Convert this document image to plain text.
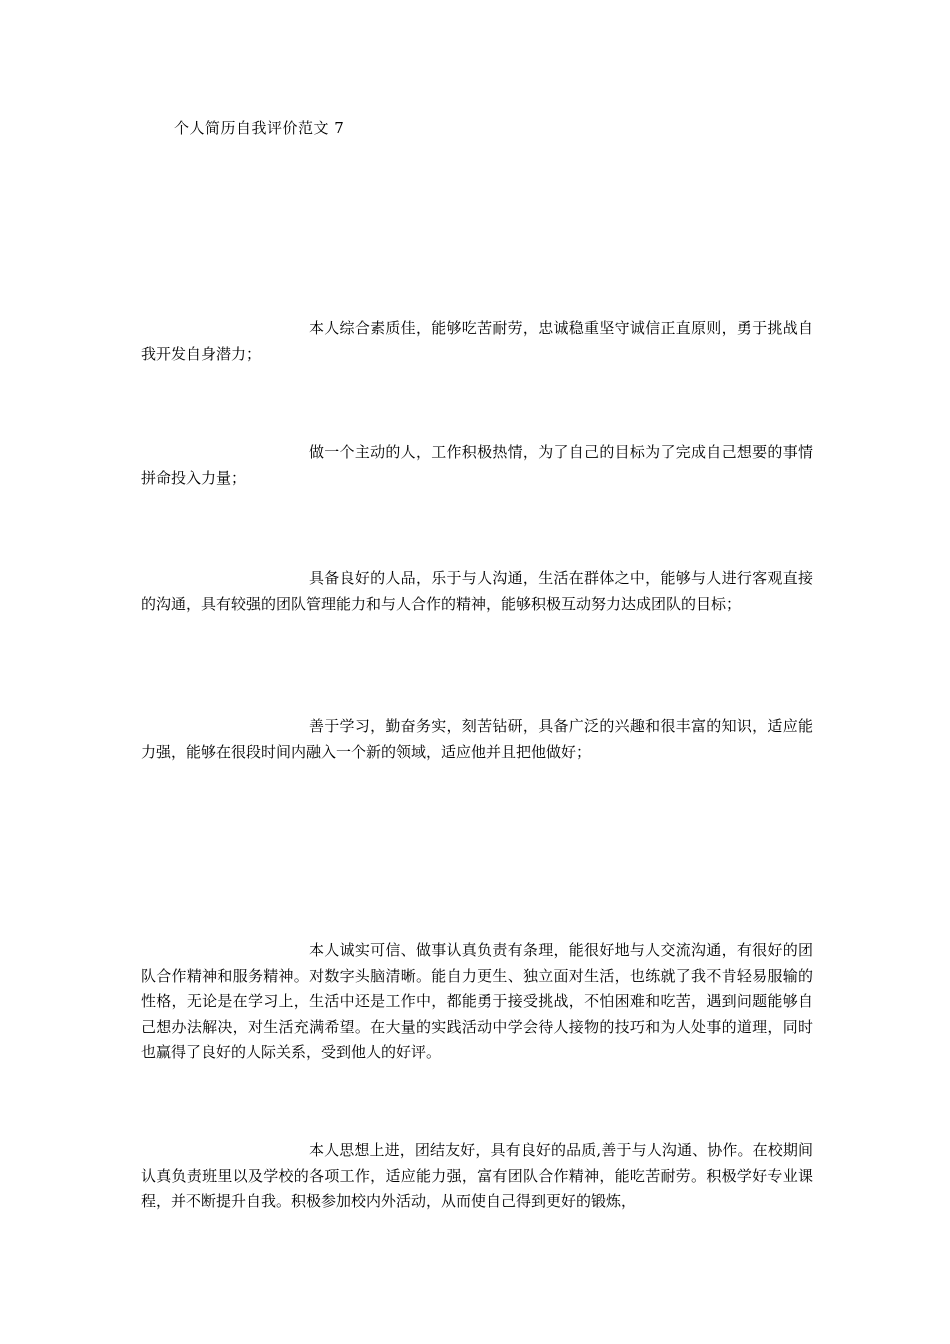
个人简历自我评价范文 7

本人综合素质佳，能够吃苦耐劳，忠诚稳重坚守诚信正直原则，勇于挑战自我开发自身潜力；

做一个主动的人，工作积极热情，为了自己的目标为了完成自己想要的事情拼命投入力量；

具备良好的人品，乐于与人沟通，生活在群体之中，能够与人进行客观直接的沟通，具有较强的团队管理能力和与人合作的精神，能够积极互动努力达成团队的目标；

善于学习，勤奋务实，刻苦钻研，具备广泛的兴趣和很丰富的知识，适应能力强，能够在很段时间内融入一个新的领域，适应他并且把他做好；

本人诚实可信、做事认真负责有条理，能很好地与人交流沟通，有很好的团队合作精神和服务精神。对数字头脑清晰。能自力更生、独立面对生活，也练就了我不肯轻易服输的性格，无论是在学习上，生活中还是工作中，都能勇于接受挑战，不怕困难和吃苦，遇到问题能够自己想办法解决，对生活充满希望。在大量的实践活动中学会待人接物的技巧和为人处事的道理，同时也赢得了良好的人际关系，受到他人的好评。

本人思想上进，团结友好，具有良好的品质,善于与人沟通、协作。在校期间认真负责班里以及学校的各项工作，适应能力强，富有团队合作精神，能吃苦耐劳。积极学好专业课程，并不断提升自我。积极参加校内外活动，从而使自己得到更好的锻炼，
